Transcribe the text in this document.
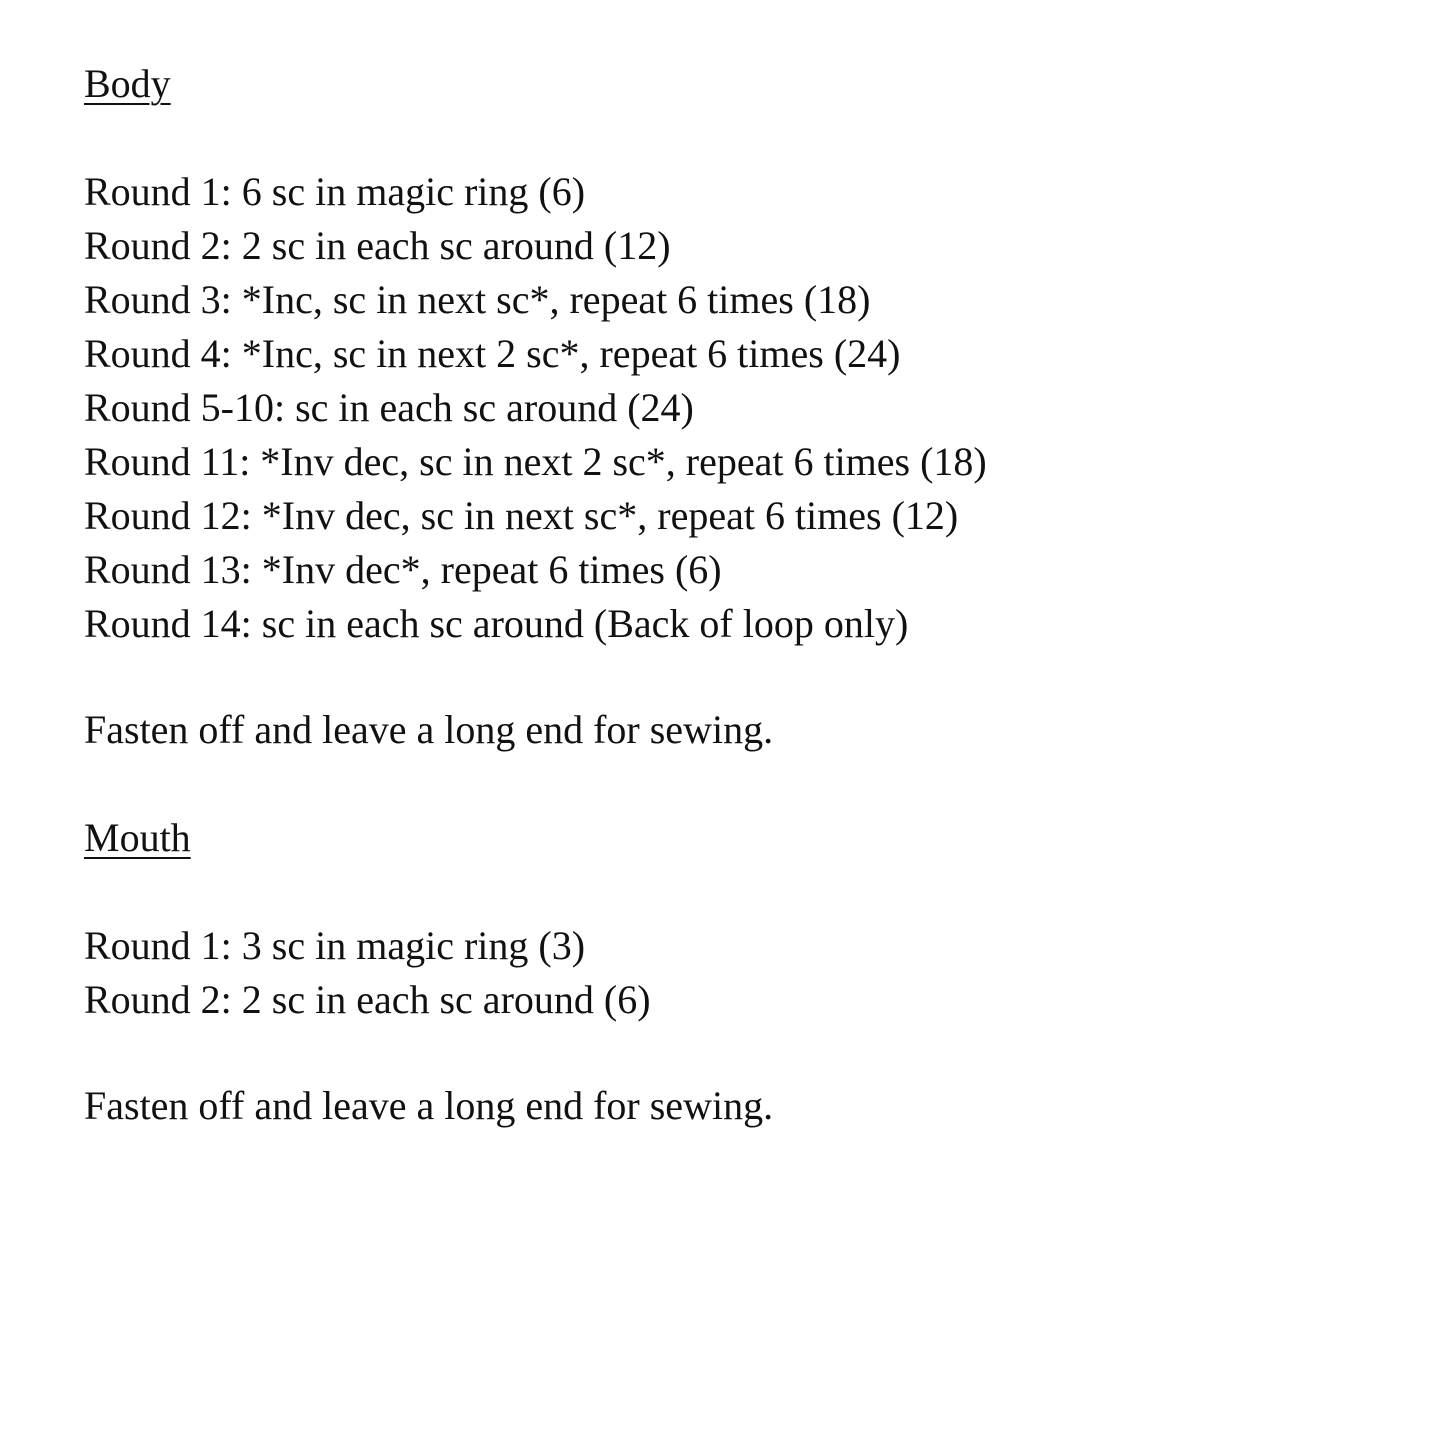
Body
Round 1: 6 sc in magic ring (6)
Round 2: 2 sc in each sc around (12)
Round 3: *Inc, sc in next sc*, repeat 6 times (18)
Round 4: *Inc, sc in next 2 sc*, repeat 6 times (24)
Round 5-10: sc in each sc around (24)
Round 11: *Inv dec, sc in next 2 sc*, repeat 6 times (18)
Round 12: *Inv dec, sc in next sc*, repeat 6 times (12)
Round 13: *Inv dec*, repeat 6 times (6)
Round 14: sc in each sc around (Back of loop only)
Fasten off and leave a long end for sewing.
Mouth
Round 1: 3 sc in magic ring (3)
Round 2: 2 sc in each sc around (6)
Fasten off and leave a long end for sewing.
